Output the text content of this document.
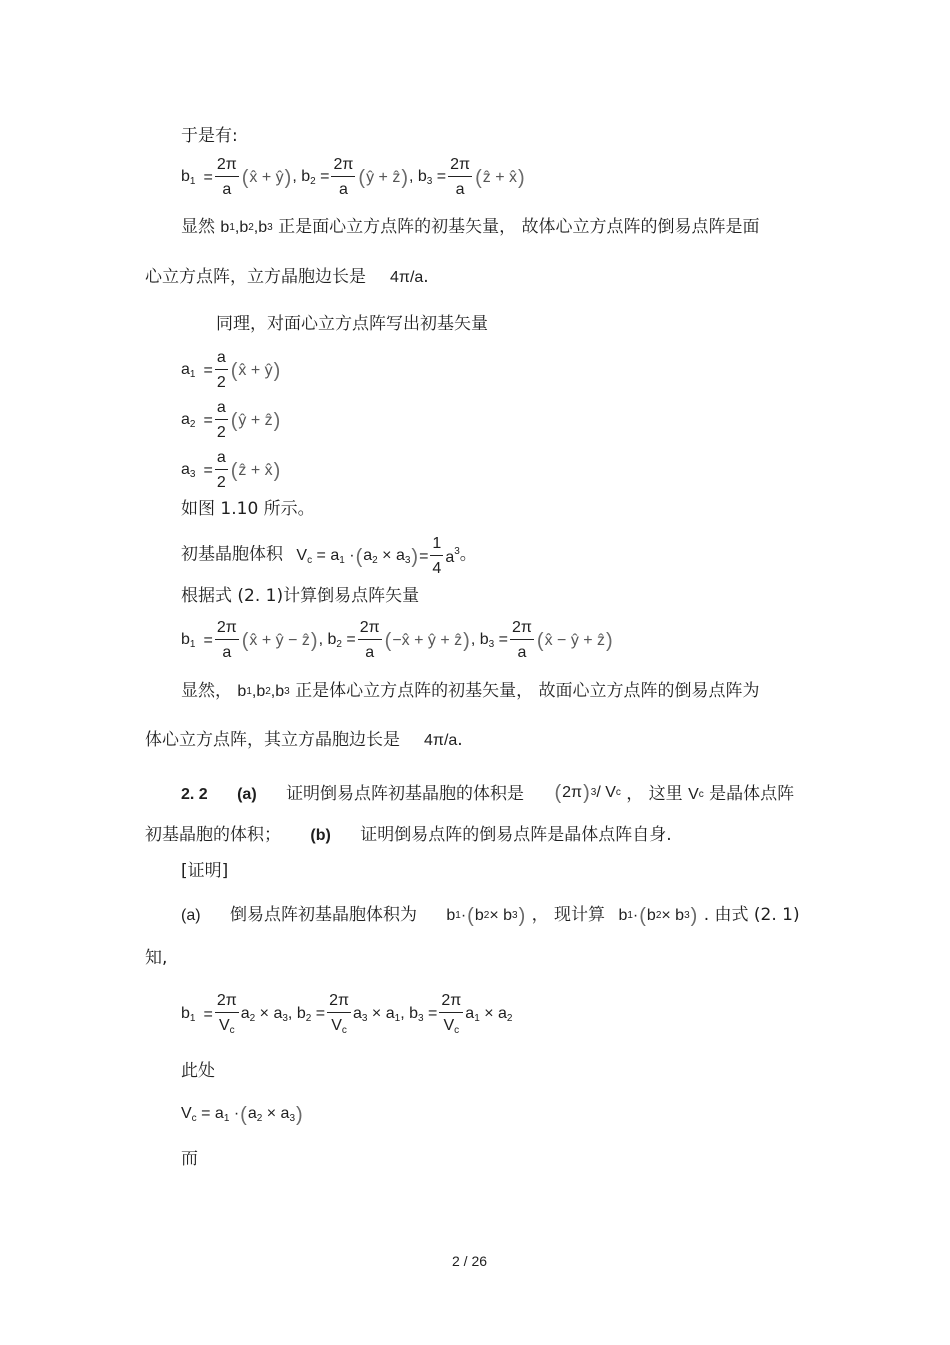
于是有:
$b_1 = \frac{2\pi}{a}$ ( x̂ + ŷ ) , $b_2 = \frac{2\pi}{a}$ ( ŷ + ẑ ) , $b_3 = \frac{2\pi}{a}$ ( ẑ + x̂ )
显然 b 1 ,b 2 ,b 3 正是面心立方点阵的初基矢量， 故体心立方点阵的倒易点阵是面
心立方点阵，立方晶胞边长是 4π/a.
同理，对面心立方点阵写出初基矢量
$a_1 = \frac{a}{2}$ ( x̂ + ŷ )
$a_2 = \frac{a}{2}$ ( ŷ + ẑ )
$a_3 = \frac{a}{2}$ ( ẑ + x̂ )
如图 1.10 所示。
初基晶胞体积 $V_c = a_1$ · ( $a_2 \times a_3$ ) = $\frac{1}{4} a^3$ 。
根据式 (2. 1)计算倒易点阵矢量
$b_1 = \frac{2\pi}{a}$ ( x̂ + ŷ − ẑ ) , $b_2 = \frac{2\pi}{a}$ ( −x̂ + ŷ + ẑ ) , $b_3 = \frac{2\pi}{a}$ ( x̂ − ŷ + ẑ )
显然， b 1 ,b 2 ,b 3 正是体心立方点阵的初基矢量， 故面心立方点阵的倒易点阵为
体心立方点阵，其立方晶胞边长是 4π/a.
2. 2 (a) 证明倒易点阵初基晶胞的体积是 ( 2π ) 3 / V c ， 这里 V c 是晶体点阵
初基晶胞的体积； (b) 证明倒易点阵的倒易点阵是晶体点阵自身.
[证明]
(a) 倒易点阵初基晶胞体积为 b 1 · ( b 2 × b 3 ) ， 现计算 b 1 · ( b 2 × b 3 ) . 由式 (2. 1)
知,
$b_1 = \frac{2\pi}{V_c} a_2 \times a_3$, $b_2 = \frac{2\pi}{V_c} a_3 \times a_1$, $b_3 = \frac{2\pi}{V_c} a_1 \times a_2$
此处
$V_c = a_1$ · ( $a_2 \times a_3$ )
而
2 / 26
